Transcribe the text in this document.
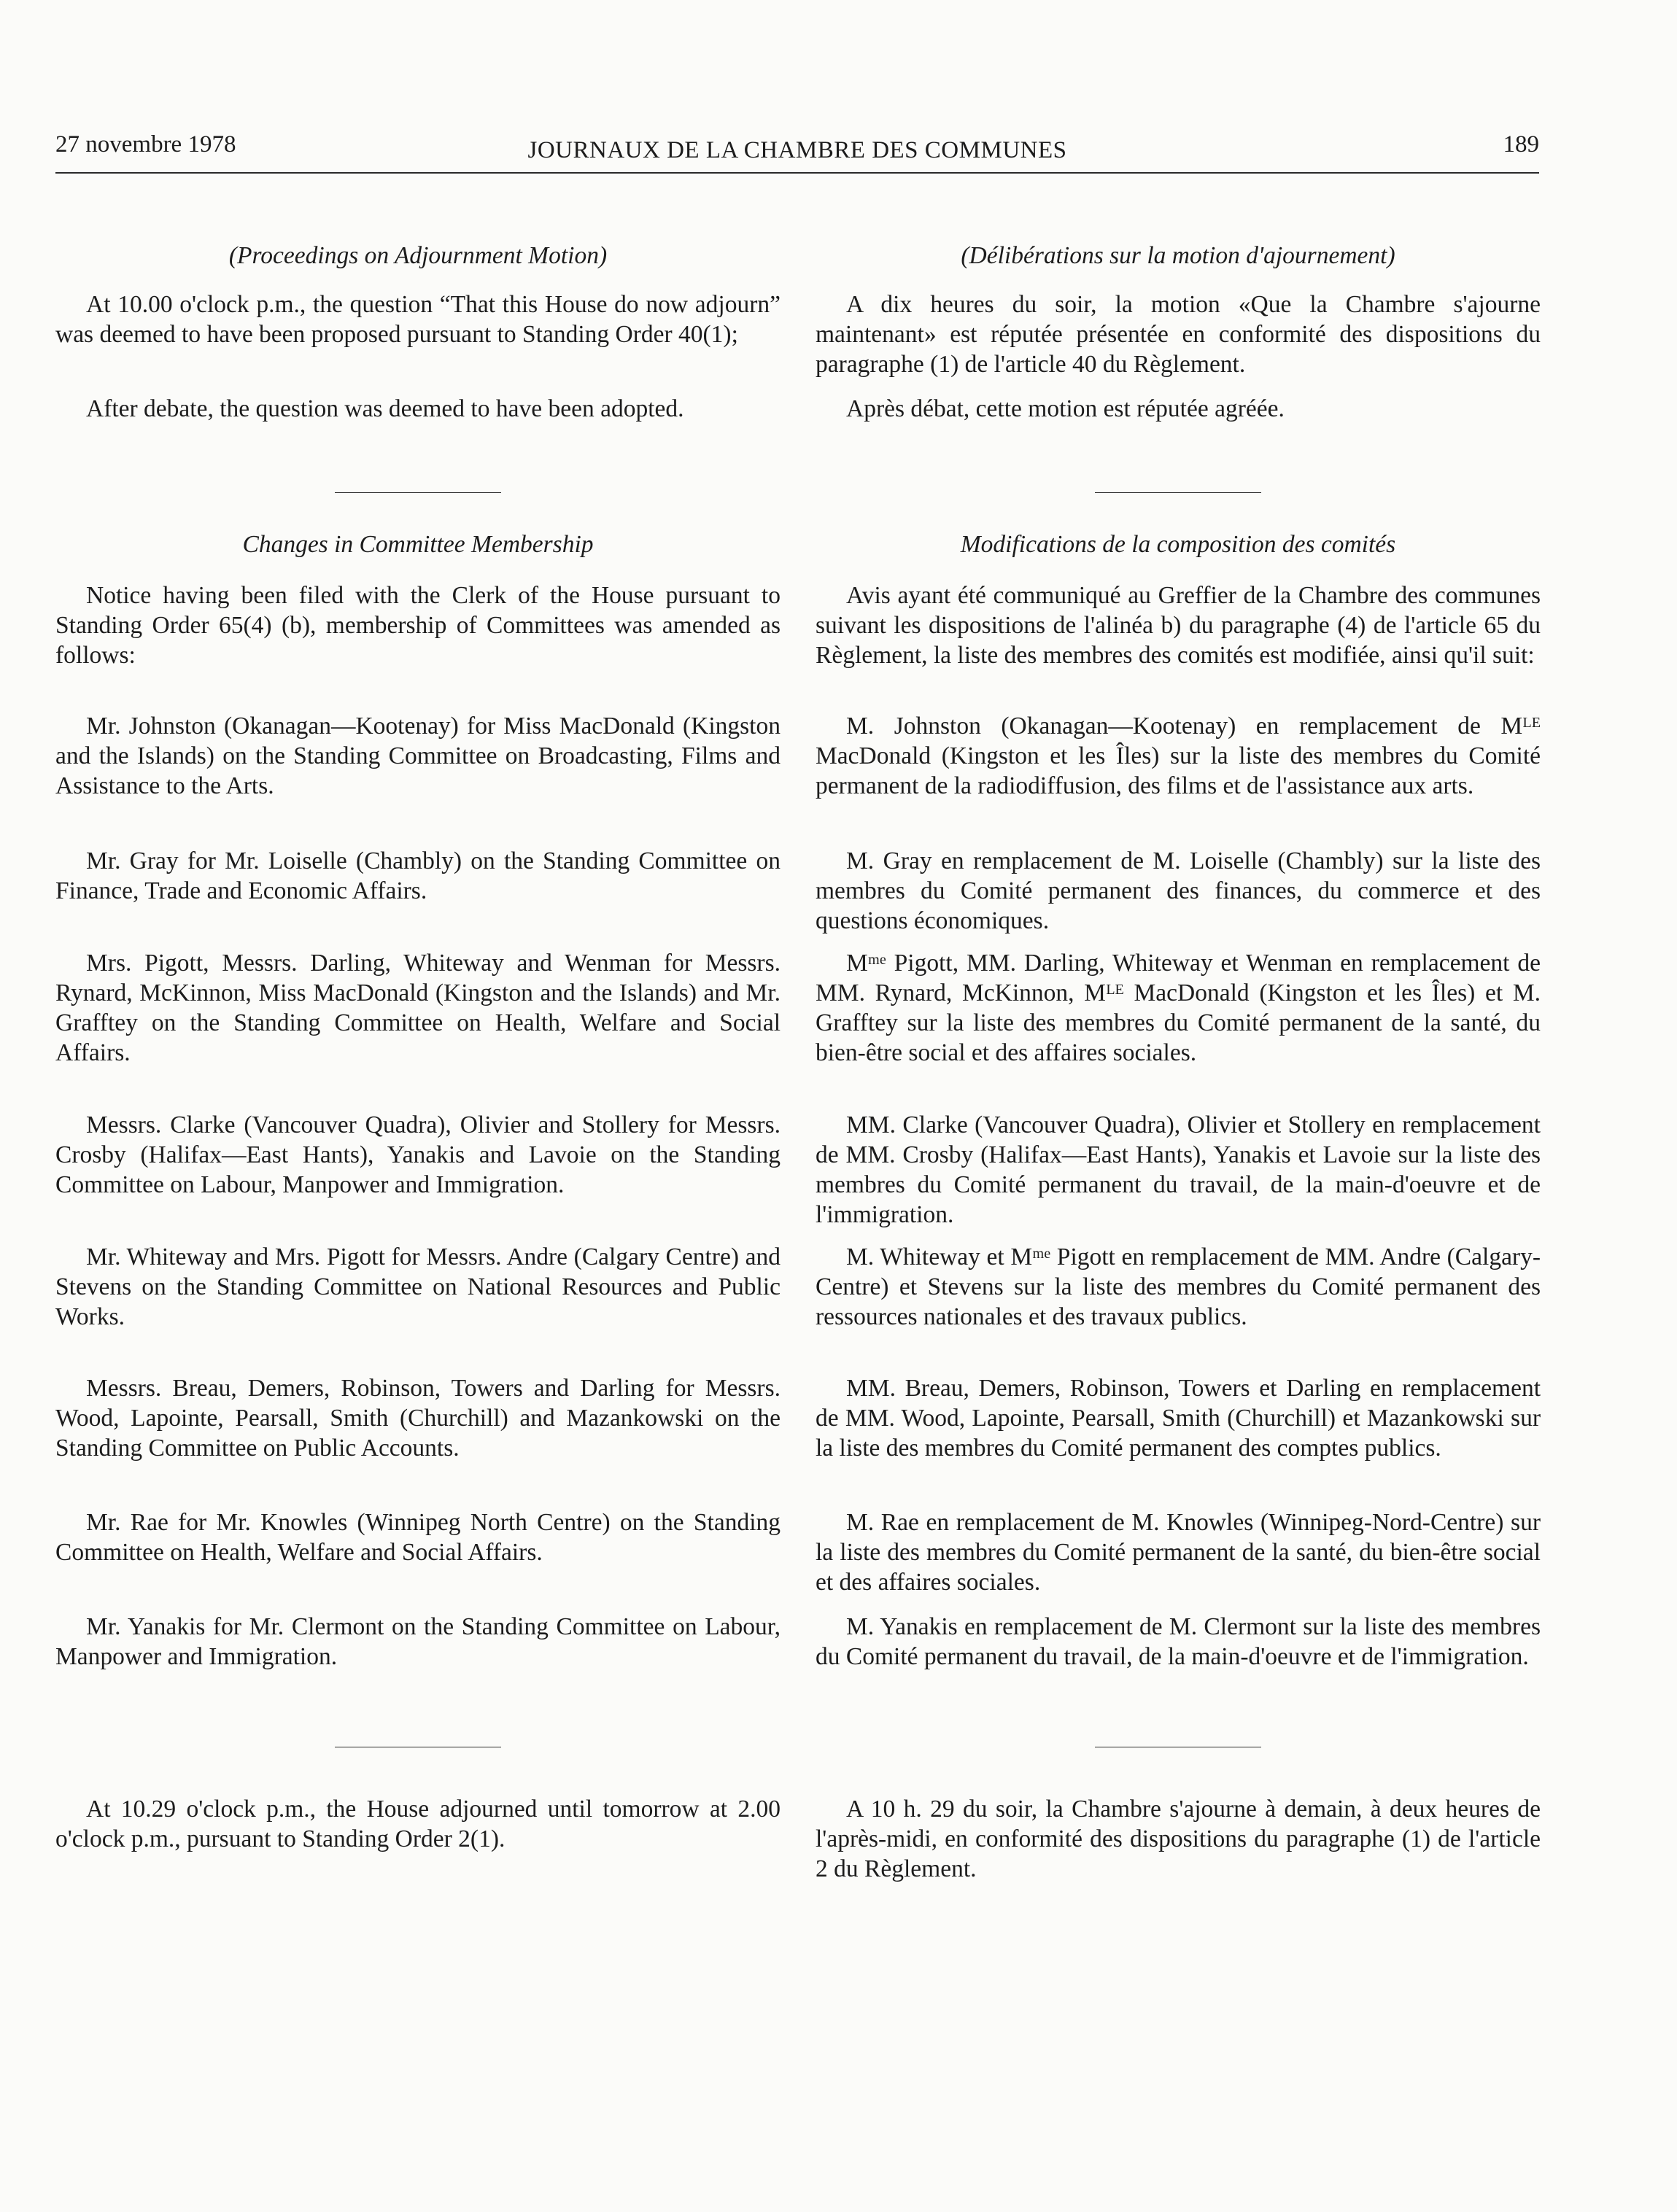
27 novembre 1978	JOURNAUX DE LA CHAMBRE DES COMMUNES	189
(Proceedings on Adjournment Motion)

At 10.00 o'clock p.m., the question “That this House do now adjourn” was deemed to have been proposed pursuant to Standing Order 40(1);

After debate, the question was deemed to have been adopted.

Changes in Committee Membership

Notice having been filed with the Clerk of the House pursuant to Standing Order 65(4) (b), membership of Committees was amended as follows:

Mr. Johnston (Okanagan—Kootenay) for Miss MacDonald (Kingston and the Islands) on the Standing Committee on Broadcasting, Films and Assistance to the Arts.

Mr. Gray for Mr. Loiselle (Chambly) on the Standing Committee on Finance, Trade and Economic Affairs.

Mrs. Pigott, Messrs. Darling, Whiteway and Wenman for Messrs. Rynard, McKinnon, Miss MacDonald (Kingston and the Islands) and Mr. Grafftey on the Standing Committee on Health, Welfare and Social Affairs.

Messrs. Clarke (Vancouver Quadra), Olivier and Stollery for Messrs. Crosby (Halifax—East Hants), Yanakis and Lavoie on the Standing Committee on Labour, Manpower and Immigration.

Mr. Whiteway and Mrs. Pigott for Messrs. Andre (Calgary Centre) and Stevens on the Standing Committee on National Resources and Public Works.

Messrs. Breau, Demers, Robinson, Towers and Darling for Messrs. Wood, Lapointe, Pearsall, Smith (Churchill) and Mazankowski on the Standing Committee on Public Accounts.

Mr. Rae for Mr. Knowles (Winnipeg North Centre) on the Standing Committee on Health, Welfare and Social Affairs.

Mr. Yanakis for Mr. Clermont on the Standing Committee on Labour, Manpower and Immigration.

At 10.29 o'clock p.m., the House adjourned until tomorrow at 2.00 o'clock p.m., pursuant to Standing Order 2(1).

(Délibérations sur la motion d'ajournement)

A dix heures du soir, la motion «Que la Chambre s'ajourne maintenant» est réputée présentée en conformité des dispositions du paragraphe (1) de l'article 40 du Règlement.

Après débat, cette motion est réputée agréée.

Modifications de la composition des comités

Avis ayant été communiqué au Greffier de la Chambre des communes suivant les dispositions de l'alinéa b) du paragraphe (4) de l'article 65 du Règlement, la liste des membres des comités est modifiée, ainsi qu'il suit:

M. Johnston (Okanagan—Kootenay) en remplacement de Mᴸᴱ MacDonald (Kingston et les Îles) sur la liste des membres du Comité permanent de la radiodiffusion, des films et de l'assistance aux arts.

M. Gray en remplacement de M. Loiselle (Chambly) sur la liste des membres du Comité permanent des finances, du commerce et des questions économiques.

Mᵐᵉ Pigott, MM. Darling, Whiteway et Wenman en remplacement de MM. Rynard, McKinnon, Mᴸᴱ MacDonald (Kingston et les Îles) et M. Grafftey sur la liste des membres du Comité permanent de la santé, du bien-être social et des affaires sociales.

MM. Clarke (Vancouver Quadra), Olivier et Stollery en remplacement de MM. Crosby (Halifax—East Hants), Yanakis et Lavoie sur la liste des membres du Comité permanent du travail, de la main-d'oeuvre et de l'immigration.

M. Whiteway et Mᵐᵉ Pigott en remplacement de MM. Andre (Calgary-Centre) et Stevens sur la liste des membres du Comité permanent des ressources nationales et des travaux publics.

MM. Breau, Demers, Robinson, Towers et Darling en remplacement de MM. Wood, Lapointe, Pearsall, Smith (Churchill) et Mazankowski sur la liste des membres du Comité permanent des comptes publics.

M. Rae en remplacement de M. Knowles (Winnipeg-Nord-Centre) sur la liste des membres du Comité permanent de la santé, du bien-être social et des affaires sociales.

M. Yanakis en remplacement de M. Clermont sur la liste des membres du Comité permanent du travail, de la main-d'oeuvre et de l'immigration.

A 10 h. 29 du soir, la Chambre s'ajourne à demain, à deux heures de l'après-midi, en conformité des dispositions du paragraphe (1) de l'article 2 du Règlement.
